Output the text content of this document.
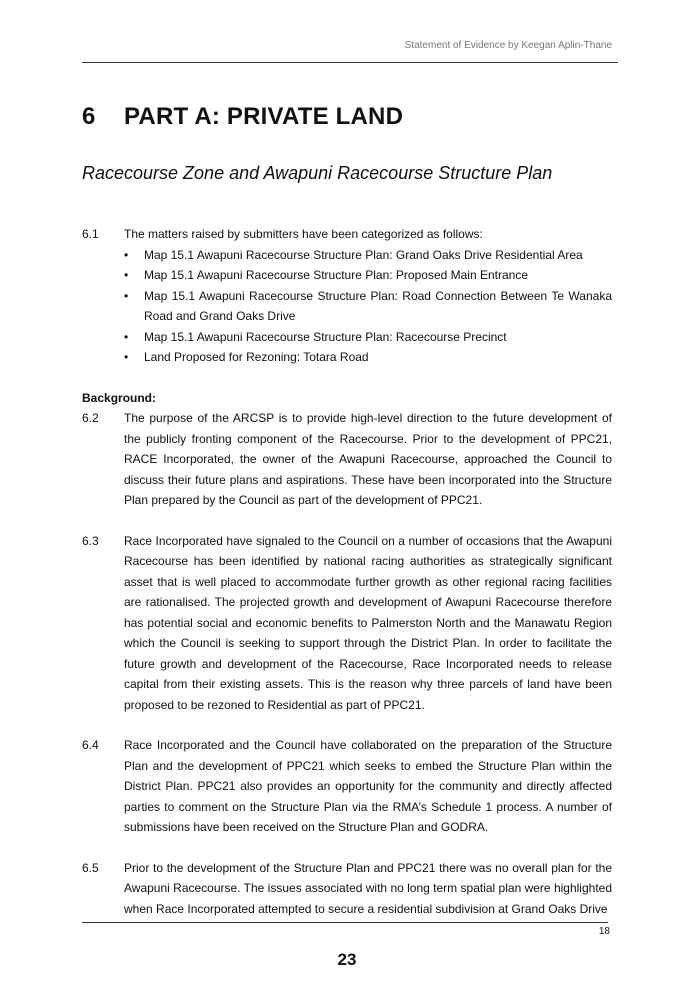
Statement of Evidence by Keegan Aplin-Thane
6 PART A: PRIVATE LAND
Racecourse Zone and Awapuni Racecourse Structure Plan
6.1 The matters raised by submitters have been categorized as follows:
• Map 15.1 Awapuni Racecourse Structure Plan: Grand Oaks Drive Residential Area
• Map 15.1 Awapuni Racecourse Structure Plan: Proposed Main Entrance
• Map 15.1 Awapuni Racecourse Structure Plan: Road Connection Between Te Wanaka Road and Grand Oaks Drive
• Map 15.1 Awapuni Racecourse Structure Plan: Racecourse Precinct
• Land Proposed for Rezoning: Totara Road
Background:
6.2 The purpose of the ARCSP is to provide high-level direction to the future development of the publicly fronting component of the Racecourse. Prior to the development of PPC21, RACE Incorporated, the owner of the Awapuni Racecourse, approached the Council to discuss their future plans and aspirations. These have been incorporated into the Structure Plan prepared by the Council as part of the development of PPC21.
6.3 Race Incorporated have signaled to the Council on a number of occasions that the Awapuni Racecourse has been identified by national racing authorities as strategically significant asset that is well placed to accommodate further growth as other regional racing facilities are rationalised. The projected growth and development of Awapuni Racecourse therefore has potential social and economic benefits to Palmerston North and the Manawatu Region which the Council is seeking to support through the District Plan. In order to facilitate the future growth and development of the Racecourse, Race Incorporated needs to release capital from their existing assets. This is the reason why three parcels of land have been proposed to be rezoned to Residential as part of PPC21.
6.4 Race Incorporated and the Council have collaborated on the preparation of the Structure Plan and the development of PPC21 which seeks to embed the Structure Plan within the District Plan. PPC21 also provides an opportunity for the community and directly affected parties to comment on the Structure Plan via the RMA’s Schedule 1 process. A number of submissions have been received on the Structure Plan and GODRA.
6.5 Prior to the development of the Structure Plan and PPC21 there was no overall plan for the Awapuni Racecourse. The issues associated with no long term spatial plan were highlighted when Race Incorporated attempted to secure a residential subdivision at Grand Oaks Drive
18
23
